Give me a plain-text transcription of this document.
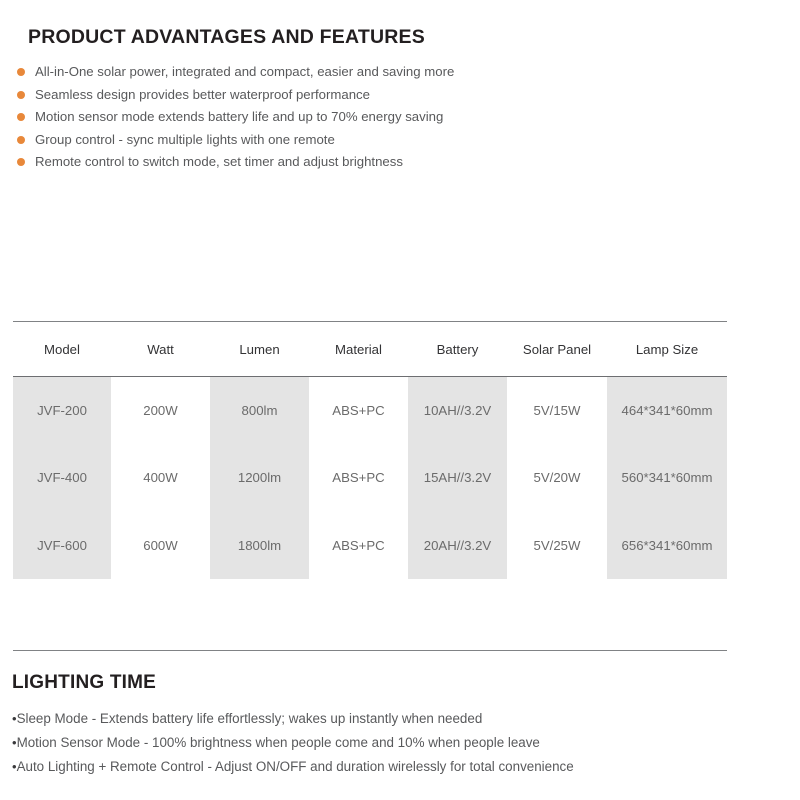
PRODUCT ADVANTAGES AND FEATURES
All-in-One solar power, integrated and compact, easier and saving more
Seamless design provides better waterproof performance
Motion sensor mode extends battery life and up to 70% energy saving
Group control - sync multiple lights with one remote
Remote control to switch mode, set timer and adjust brightness
Model	Watt	Lumen	Material	Battery	Solar Panel	Lamp Size
JVF-200	200W	800lm	ABS+PC	10AH//3.2V	5V/15W	464*341*60mm
JVF-400	400W	1200lm	ABS+PC	15AH//3.2V	5V/20W	560*341*60mm
JVF-600	600W	1800lm	ABS+PC	20AH//3.2V	5V/25W	656*341*60mm
LIGHTING TIME
• Sleep Mode - Extends battery life effortlessly; wakes up instantly when needed
• Motion Sensor Mode - 100% brightness when people come and 10% when people leave
• Auto Lighting + Remote Control - Adjust ON/OFF and duration wirelessly for total convenience
